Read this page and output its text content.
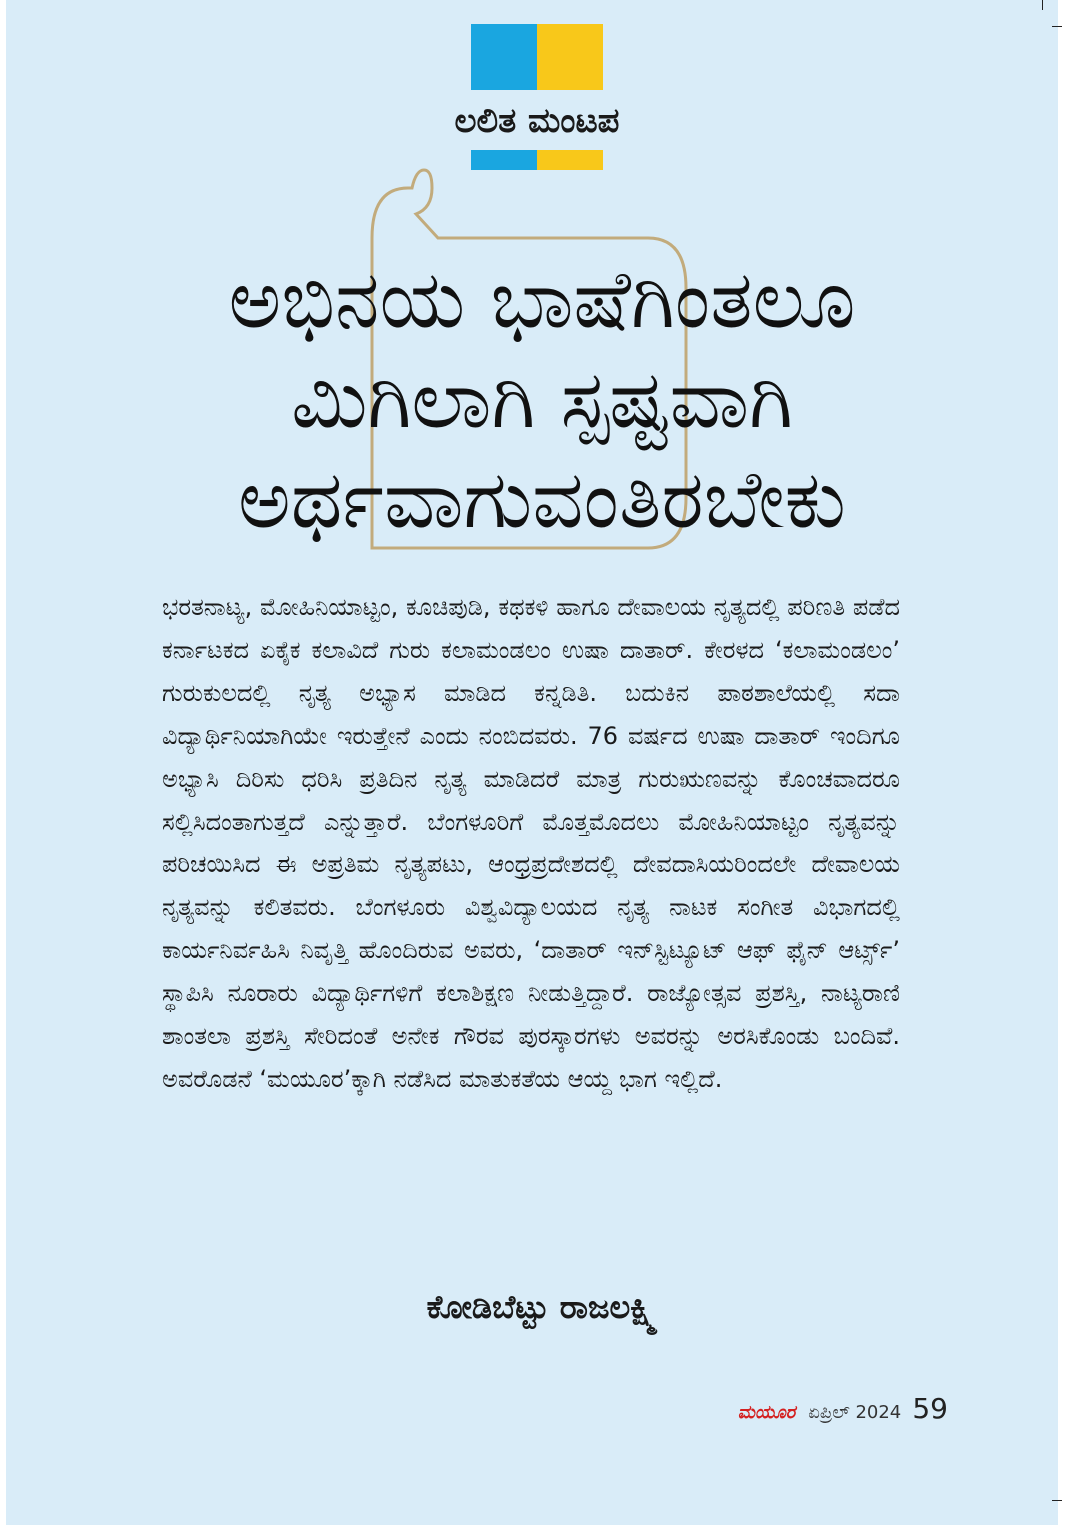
ಲಲಿತ ಮಂಟಪ
ಅಭಿನಯ ಭಾಷೆಗಿಂತಲೂ
ಮಿಗಿಲಾಗಿ ಸ್ಪಷ್ಟವಾಗಿ
ಅರ್ಥವಾಗುವಂತಿರಬೇಕು
ಭರತನಾಟ್ಯ, ಮೋಹಿನಿಯಾಟ್ಟಂ, ಕೂಚಿಪುಡಿ, ಕಥಕಳಿ ಹಾಗೂ ದೇವಾಲಯ ನೃತ್ಯದಲ್ಲಿ ಪರಿಣತಿ ಪಡೆದ ಕರ್ನಾಟಕದ ಏಕೈಕ ಕಲಾವಿದೆ ಗುರು ಕಲಾಮಂಡಲಂ ಉಷಾ ದಾತಾರ್. ಕೇರಳದ ‘ಕಲಾಮಂಡಲಂ’ ಗುರುಕುಲದಲ್ಲಿ ನೃತ್ಯ ಅಭ್ಯಾಸ ಮಾಡಿದ ಕನ್ನಡಿತಿ. ಬದುಕಿನ ಪಾಠಶಾಲೆಯಲ್ಲಿ ಸದಾ ವಿದ್ಯಾರ್ಥಿನಿಯಾಗಿಯೇ ಇರುತ್ತೇನೆ ಎಂದು ನಂಬಿದವರು. 76 ವರ್ಷದ ಉಷಾ ದಾತಾರ್ ಇಂದಿಗೂ ಅಭ್ಯಾಸಿ ದಿರಿಸು ಧರಿಸಿ ಪ್ರತಿದಿನ ನೃತ್ಯ ಮಾಡಿದರೆ ಮಾತ್ರ ಗುರುಋಣವನ್ನು ಕೊಂಚವಾದರೂ ಸಲ್ಲಿಸಿದಂತಾಗುತ್ತದೆ ಎನ್ನುತ್ತಾರೆ. ಬೆಂಗಳೂರಿಗೆ ಮೊತ್ತಮೊದಲು ಮೋಹಿನಿಯಾಟ್ಟಂ ನೃತ್ಯವನ್ನು ಪರಿಚಯಿಸಿದ ಈ ಅಪ್ರತಿಮ ನೃತ್ಯಪಟು, ಆಂಧ್ರಪ್ರದೇಶದಲ್ಲಿ ದೇವದಾಸಿಯರಿಂದಲೇ ದೇವಾಲಯ ನೃತ್ಯವನ್ನು ಕಲಿತವರು. ಬೆಂಗಳೂರು ವಿಶ್ವವಿದ್ಯಾಲಯದ ನೃತ್ಯ ನಾಟಕ ಸಂಗೀತ ವಿಭಾಗದಲ್ಲಿ ಕಾರ್ಯನಿರ್ವಹಿಸಿ ನಿವೃತ್ತಿ ಹೊಂದಿರುವ ಅವರು, ‘ದಾತಾರ್ ಇನ್‌ಸ್ಟಿಟ್ಯೂಟ್ ಆಫ್ ಫೈನ್ ಆರ್ಟ್ಸ್’ ಸ್ಥಾಪಿಸಿ ನೂರಾರು ವಿದ್ಯಾರ್ಥಿಗಳಿಗೆ ಕಲಾಶಿಕ್ಷಣ ನೀಡುತ್ತಿದ್ದಾರೆ. ರಾಜ್ಯೋತ್ಸವ ಪ್ರಶಸ್ತಿ, ನಾಟ್ಯರಾಣಿ ಶಾಂತಲಾ ಪ್ರಶಸ್ತಿ ಸೇರಿದಂತೆ ಅನೇಕ ಗೌರವ ಪುರಸ್ಕಾರಗಳು ಅವರನ್ನು ಅರಸಿಕೊಂಡು ಬಂದಿವೆ. ಅವರೊಡನೆ ‘ಮಯೂರ’ಕ್ಕಾಗಿ ನಡೆಸಿದ ಮಾತುಕತೆಯ ಆಯ್ದ ಭಾಗ ಇಲ್ಲಿದೆ.
ಕೋಡಿಬೆಟ್ಟು ರಾಜಲಕ್ಷ್ಮಿ
ಮಯೂರ ಏಪ್ರಿಲ್ 2024 59
